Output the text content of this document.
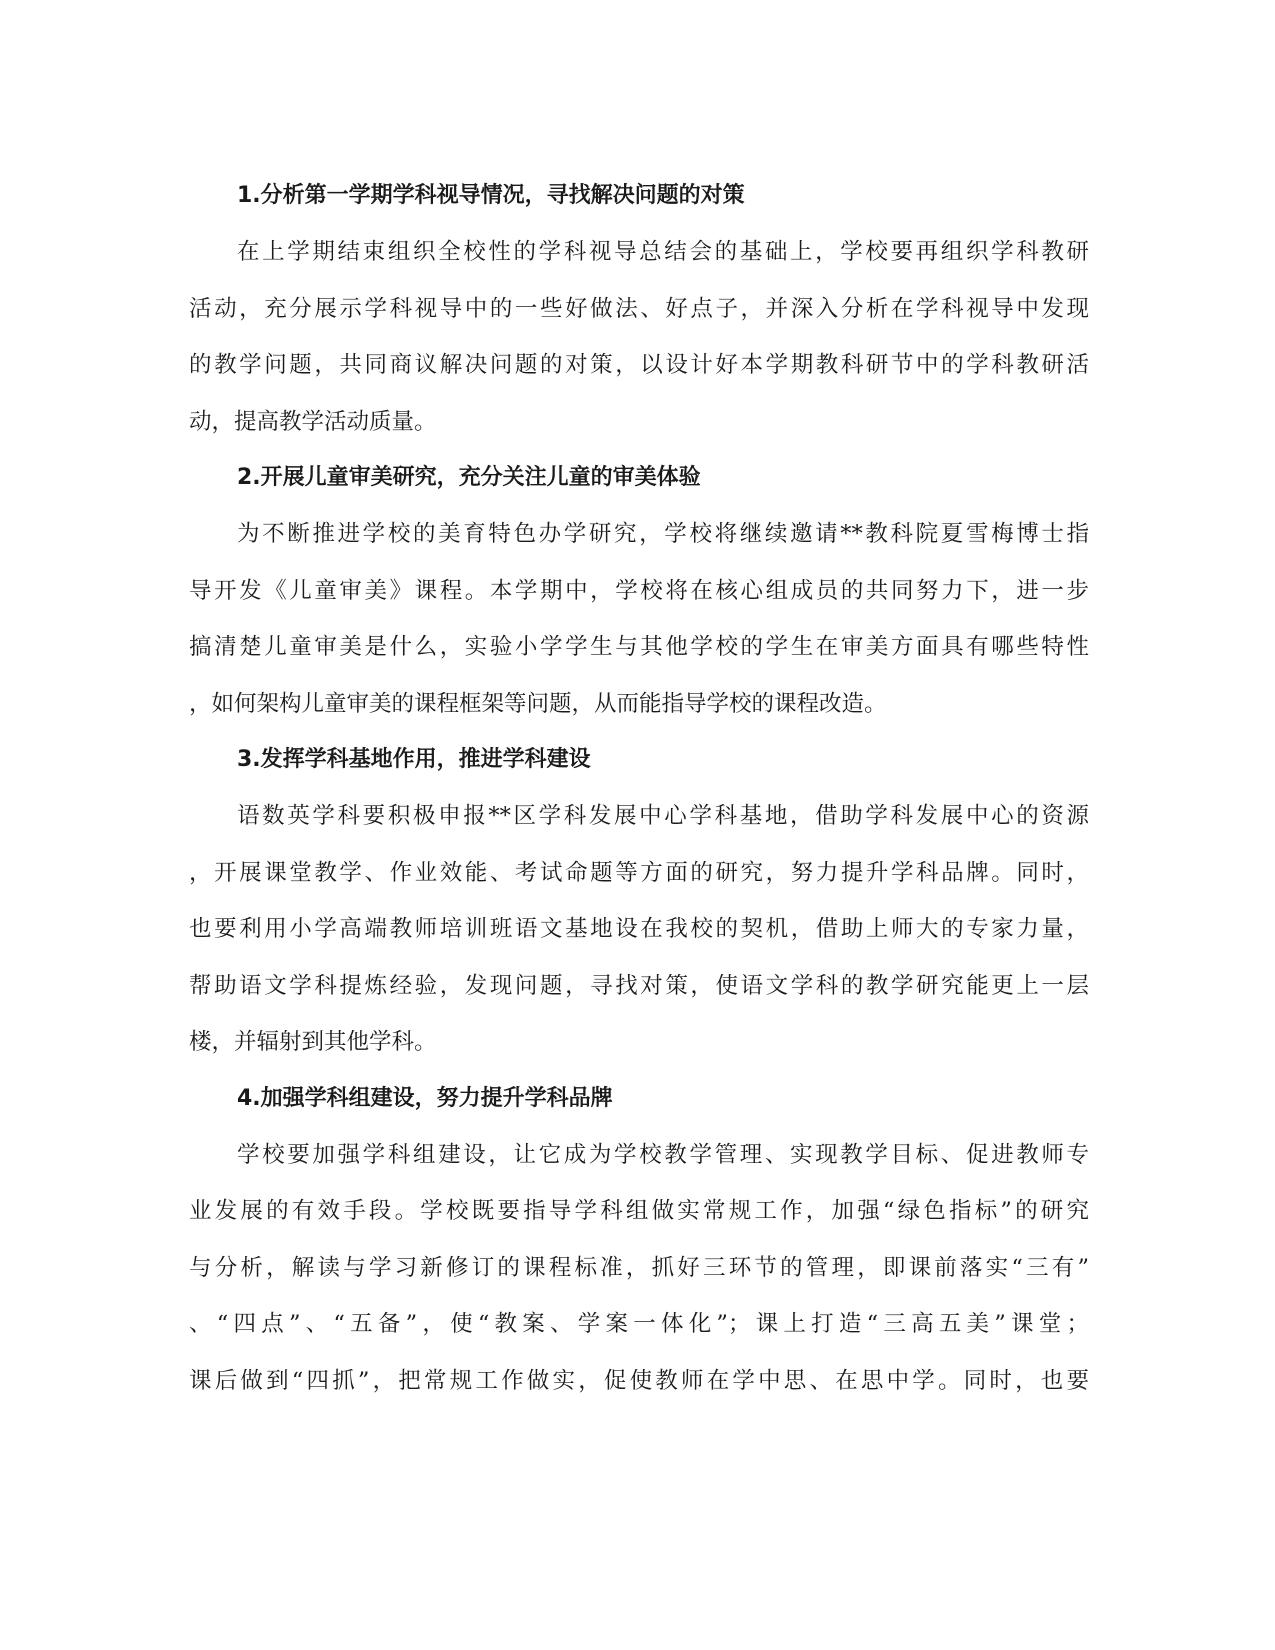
1.分析第一学期学科视导情况，寻找解决问题的对策

在上学期结束组织全校性的学科视导总结会的基础上，学校要再组织学科教研
活动，充分展示学科视导中的一些好做法、好点子，并深入分析在学科视导中发现
的教学问题，共同商议解决问题的对策，以设计好本学期教科研节中的学科教研活
动，提高教学活动质量。

2.开展儿童审美研究，充分关注儿童的审美体验

为不断推进学校的美育特色办学研究，学校将继续邀请**教科院夏雪梅博士指
导开发《儿童审美》课程。本学期中，学校将在核心组成员的共同努力下，进一步
搞清楚儿童审美是什么，实验小学学生与其他学校的学生在审美方面具有哪些特性
，如何架构儿童审美的课程框架等问题，从而能指导学校的课程改造。

3.发挥学科基地作用，推进学科建设

语数英学科要积极申报**区学科发展中心学科基地，借助学科发展中心的资源
，开展课堂教学、作业效能、考试命题等方面的研究，努力提升学科品牌。同时，
也要利用小学高端教师培训班语文基地设在我校的契机，借助上师大的专家力量，
帮助语文学科提炼经验，发现问题，寻找对策，使语文学科的教学研究能更上一层
楼，并辐射到其他学科。

4.加强学科组建设，努力提升学科品牌

学校要加强学科组建设，让它成为学校教学管理、实现教学目标、促进教师专
业发展的有效手段。学校既要指导学科组做实常规工作，加强“绿色指标”的研究
与分析，解读与学习新修订的课程标准，抓好三环节的管理，即课前落实“三有”
、“四点”、“五备”，使“教案、学案一体化”；课上打造“三高五美”课堂；
课后做到“四抓”，把常规工作做实，促使教师在学中思、在思中学。同时，也要
